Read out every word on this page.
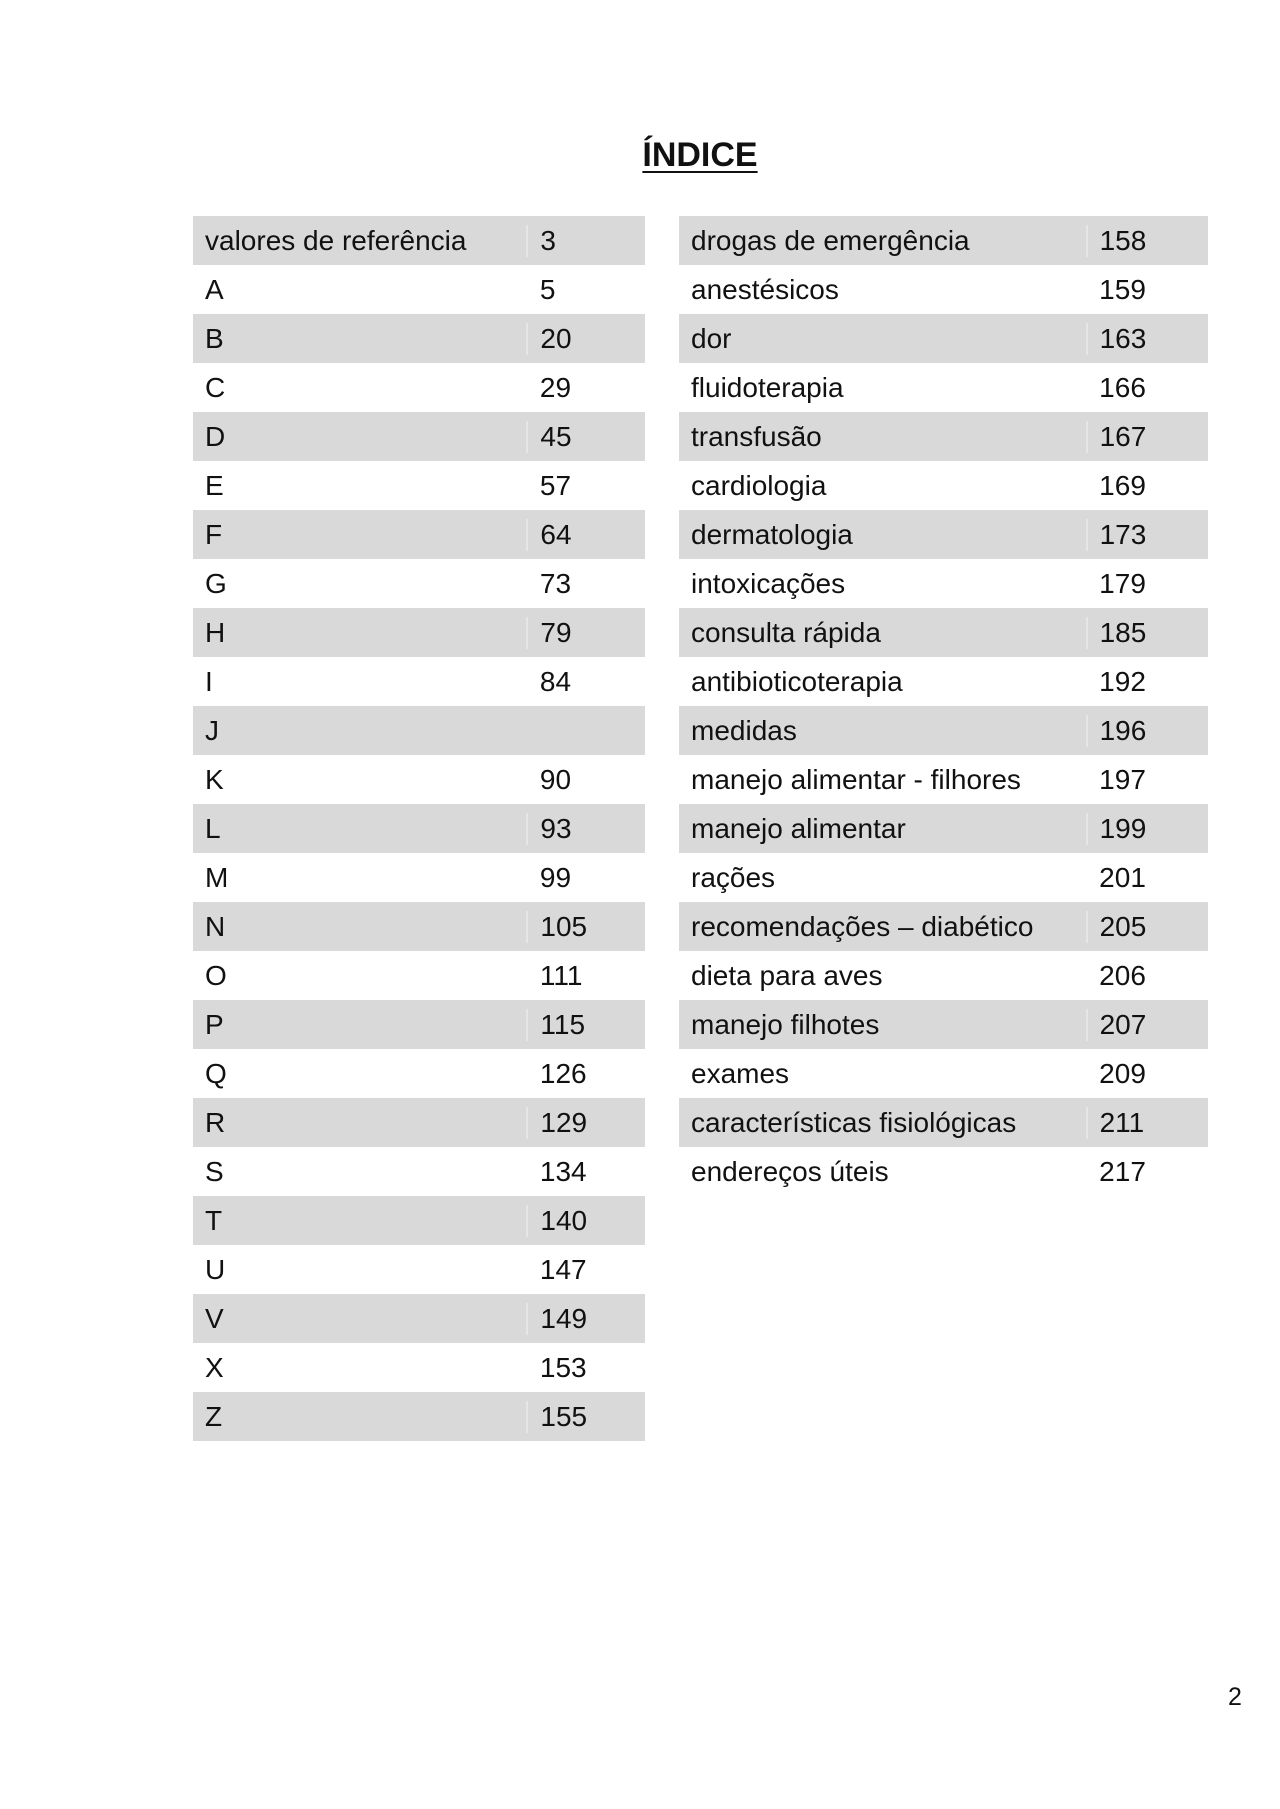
ÍNDICE
valores de referência	3
A	5
B	20
C	29
D	45
E	57
F	64
G	73
H	79
I	84
J
K	90
L	93
M	99
N	105
O	111
P	115
Q	126
R	129
S	134
T	140
U	147
V	149
X	153
Z	155
drogas de emergência	158
anestésicos	159
dor	163
fluidoterapia	166
transfusão	167
cardiologia	169
dermatologia	173
intoxicações	179
consulta rápida	185
antibioticoterapia	192
medidas	196
manejo alimentar - filhores	197
manejo alimentar	199
rações	201
recomendações – diabético	205
dieta para aves	206
manejo filhotes	207
exames	209
características fisiológicas	211
endereços úteis	217
2
